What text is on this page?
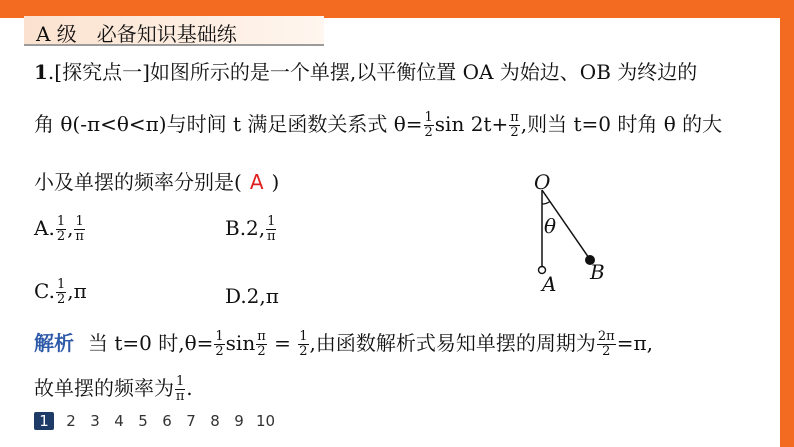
A 级　必备知识基础练
1.[探究点一]如图所示的是一个单摆,以平衡位置 OA 为始边、OB 为终边的
角 θ(-π<θ<π)与时间 t 满足函数关系式 $\theta= \frac{1}{2}$ $\sin 2t+ \frac{\pi}{2}$ ,则当 t=0 时角 θ 的大
小及单摆的频率分别是( A )
A. $\frac{1}{2}$ , $\frac{1}{\pi}$	B.2, $\frac{1}{\pi}$
C. $\frac{1}{2} ,\pi$	D.2,π
O
θ
A B
解析 当 t=0 时$,\theta= \frac{1}{2}$ $\sin \frac{\pi}{2} = \frac{1}{2}$ ,由函数解析式易知单摆的周期为 $\frac{2\pi}{2} =\pi$,
故单摆的频率为 $\frac{1}{\pi}$ .
1 2 3 4 5 6 7 8 9 10
